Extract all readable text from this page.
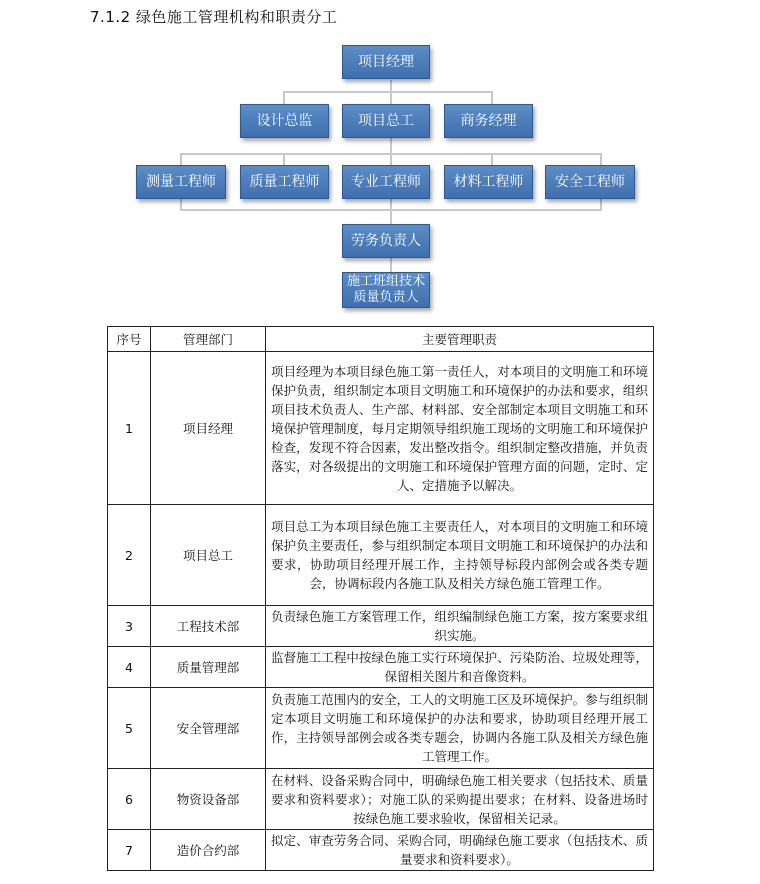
7.1.2 绿色施工管理机构和职责分工
项目经理
设计总监	项目总工	商务经理
测量工程师	质量工程师	专业工程师	材料工程师	安全工程师
劳务负责人
施工班组技术
质量负责人
序号	管理部门	主要管理职责
1	项目经理	项目经理为本项目绿色施工第一责任人，对本项目的文明施工和环境保护负责，组织制定本项目文明施工和环境保护的办法和要求，组织项目技术负责人、生产部、材料部、安全部制定本项目文明施工和环境保护管理制度，每月定期领导组织施工现场的文明施工和环境保护检查，发现不符合因素，发出整改指令。组织制定整改措施，并负责落实，对各级提出的文明施工和环境保护管理方面的问题，定时、定人、定措施予以解决。
2	项目总工	项目总工为本项目绿色施工主要责任人，对本项目的文明施工和环境保护负主要责任，参与组织制定本项目文明施工和环境保护的办法和要求，协助项目经理开展工作，主持领导标段内部例会或各类专题会，协调标段内各施工队及相关方绿色施工管理工作。
3	工程技术部	负责绿色施工方案管理工作，组织编制绿色施工方案，按方案要求组织实施。
4	质量管理部	监督施工工程中按绿色施工实行环境保护、污染防治、垃圾处理等，保留相关图片和音像资料。
5	安全管理部	负责施工范围内的安全，工人的文明施工区及环境保护。参与组织制定本项目文明施工和环境保护的办法和要求，协助项目经理开展工作，主持领导部例会或各类专题会，协调内各施工队及相关方绿色施工管理工作。
6	物资设备部	在材料、设备采购合同中，明确绿色施工相关要求（包括技术、质量要求和资料要求）；对施工队的采购提出要求；在材料、设备进场时按绿色施工要求验收，保留相关记录。
7	造价合约部	拟定、审查劳务合同、采购合同，明确绿色施工要求（包括技术、质量要求和资料要求）。
